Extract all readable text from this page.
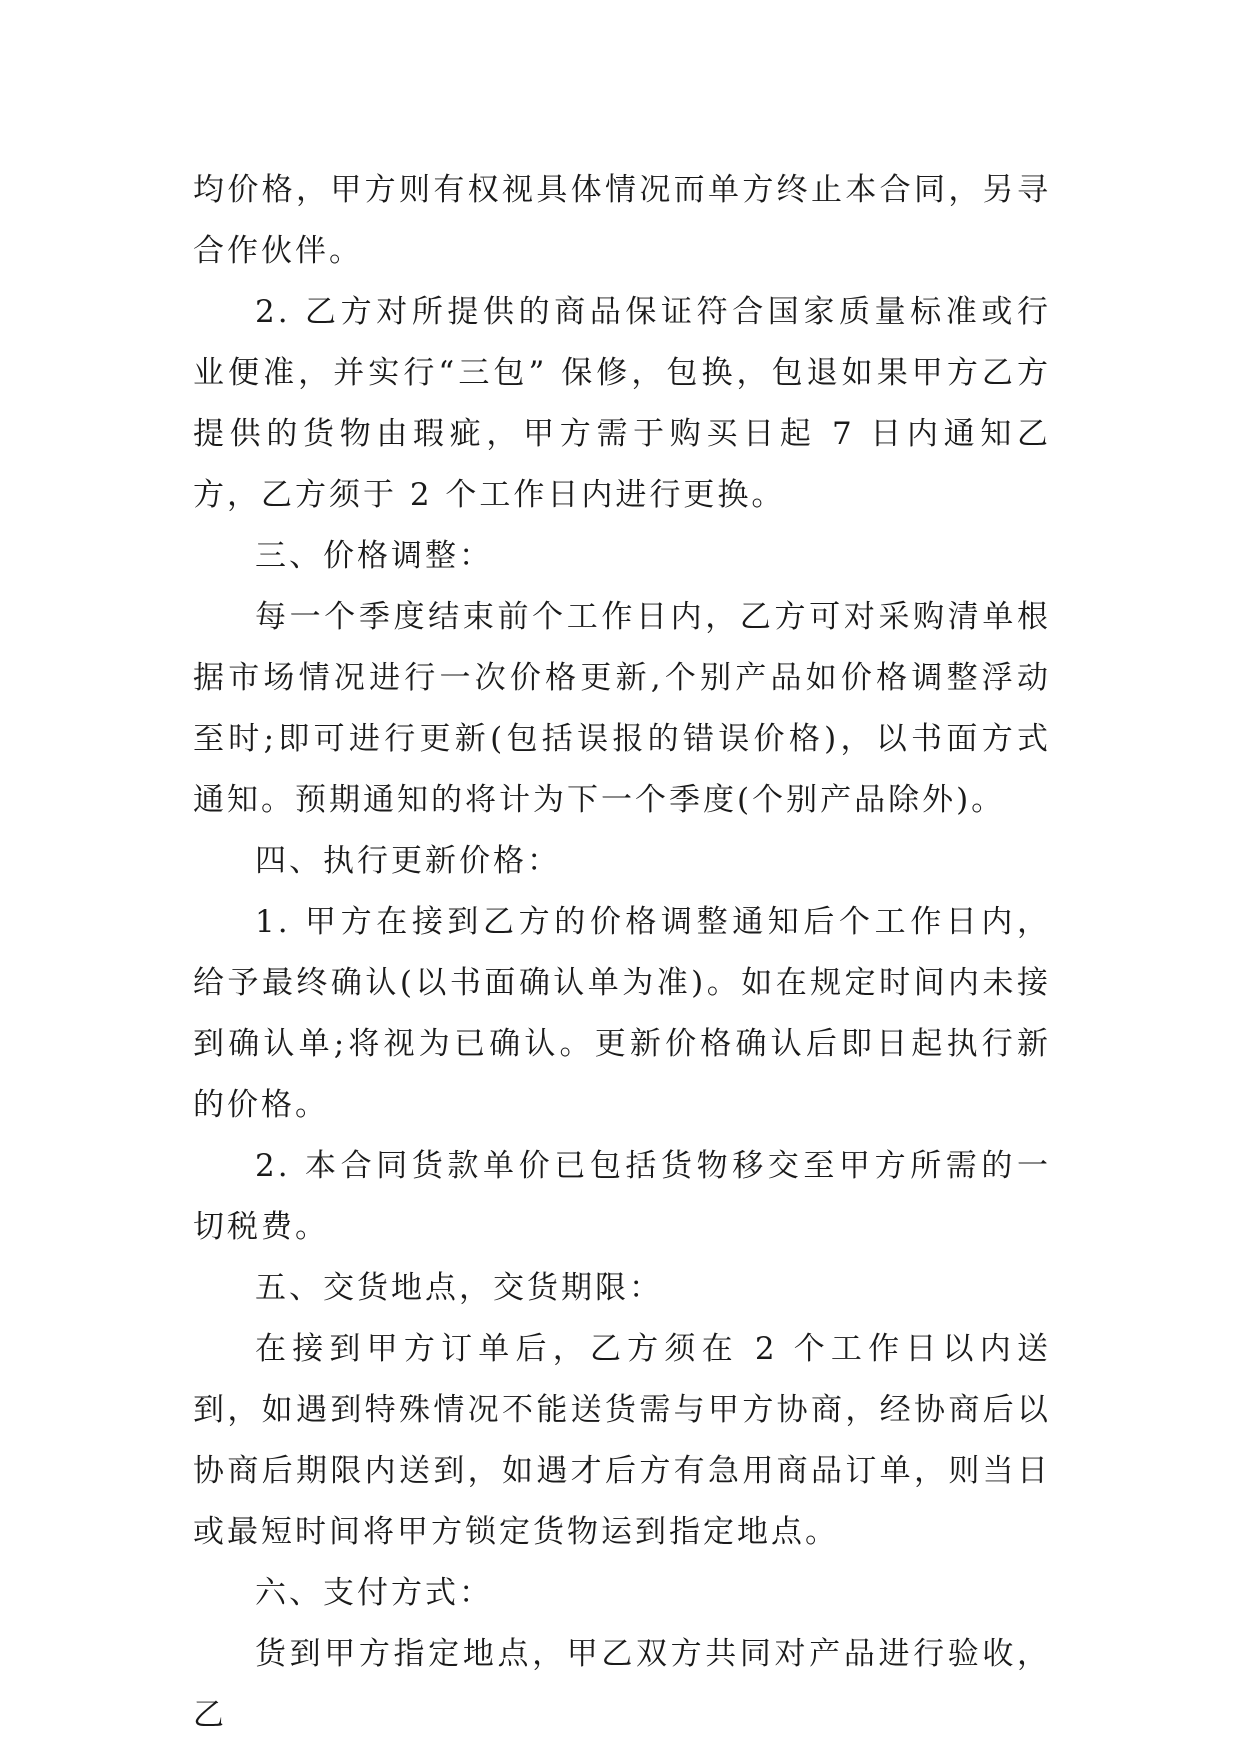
均价格，甲方则有权视具体情况而单方终止本合同，另寻合作伙伴。

2. 乙方对所提供的商品保证符合国家质量标准或行业便准，并实行“三包” 保修，包换，包退如果甲方乙方提供的货物由瑕疵，甲方需于购买日起 7 日内通知乙方，乙方须于 2 个工作日内进行更换。

三、价格调整：

每一个季度结束前个工作日内，乙方可对采购清单根据市场情况进行一次价格更新,个别产品如价格调整浮动至时;即可进行更新(包括误报的错误价格)，以书面方式通知。预期通知的将计为下一个季度(个别产品除外)。

四、执行更新价格：

1. 甲方在接到乙方的价格调整通知后个工作日内，给予最终确认(以书面确认单为准)。如在规定时间内未接到确认单;将视为已确认。更新价格确认后即日起执行新的价格。

2. 本合同货款单价已包括货物移交至甲方所需的一切税费。

五、交货地点，交货期限：

在接到甲方订单后，乙方须在 2 个工作日以内送到，如遇到特殊情况不能送货需与甲方协商，经协商后以协商后期限内送到，如遇才后方有急用商品订单，则当日或最短时间将甲方锁定货物运到指定地点。

六、支付方式：

货到甲方指定地点，甲乙双方共同对产品进行验收，乙
